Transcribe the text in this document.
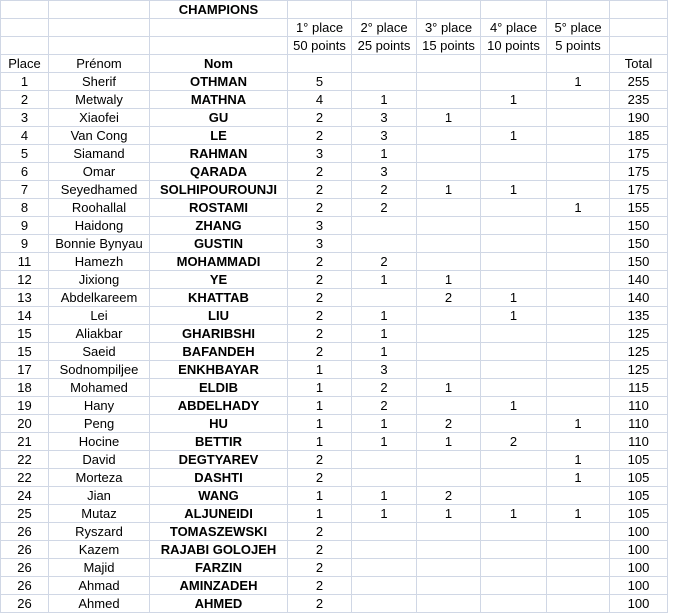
		CHAMPIONS						
			1° place	2° place	3° place	4° place	5° place	
			50 points	25 points	15 points	10 points	5 points	
Place	Prénom	Nom						Total
1	Sherif	OTHMAN	5				1	255
2	Metwaly	MATHNA	4	1		1		235
3	Xiaofei	GU	2	3	1			190
4	Van Cong	LE	2	3		1		185
5	Siamand	RAHMAN	3	1				175
6	Omar	QARADA	2	3				175
7	Seyedhamed	SOLHIPOUROUNJI	2	2	1	1		175
8	Roohallal	ROSTAMI	2	2			1	155
9	Haidong	ZHANG	3					150
9	Bonnie Bynyau	GUSTIN	3					150
11	Hamezh	MOHAMMADI	2	2				150
12	Jixiong	YE	2	1	1			140
13	Abdelkareem	KHATTAB	2		2	1		140
14	Lei	LIU	2	1		1		135
15	Aliakbar	GHARIBSHI	2	1				125
15	Saeid	BAFANDEH	2	1				125
17	Sodnompiljee	ENKHBAYAR	1	3				125
18	Mohamed	ELDIB	1	2	1			115
19	Hany	ABDELHADY	1	2		1		110
20	Peng	HU	1	1	2		1	110
21	Hocine	BETTIR	1	1	1	2		110
22	David	DEGTYAREV	2				1	105
22	Morteza	DASHTI	2				1	105
24	Jian	WANG	1	1	2			105
25	Mutaz	ALJUNEIDI	1	1	1	1	1	105
26	Ryszard	TOMASZEWSKI	2					100
26	Kazem	RAJABI GOLOJEH	2					100
26	Majid	FARZIN	2					100
26	Ahmad	AMINZADEH	2					100
26	Ahmed	AHMED	2					100
